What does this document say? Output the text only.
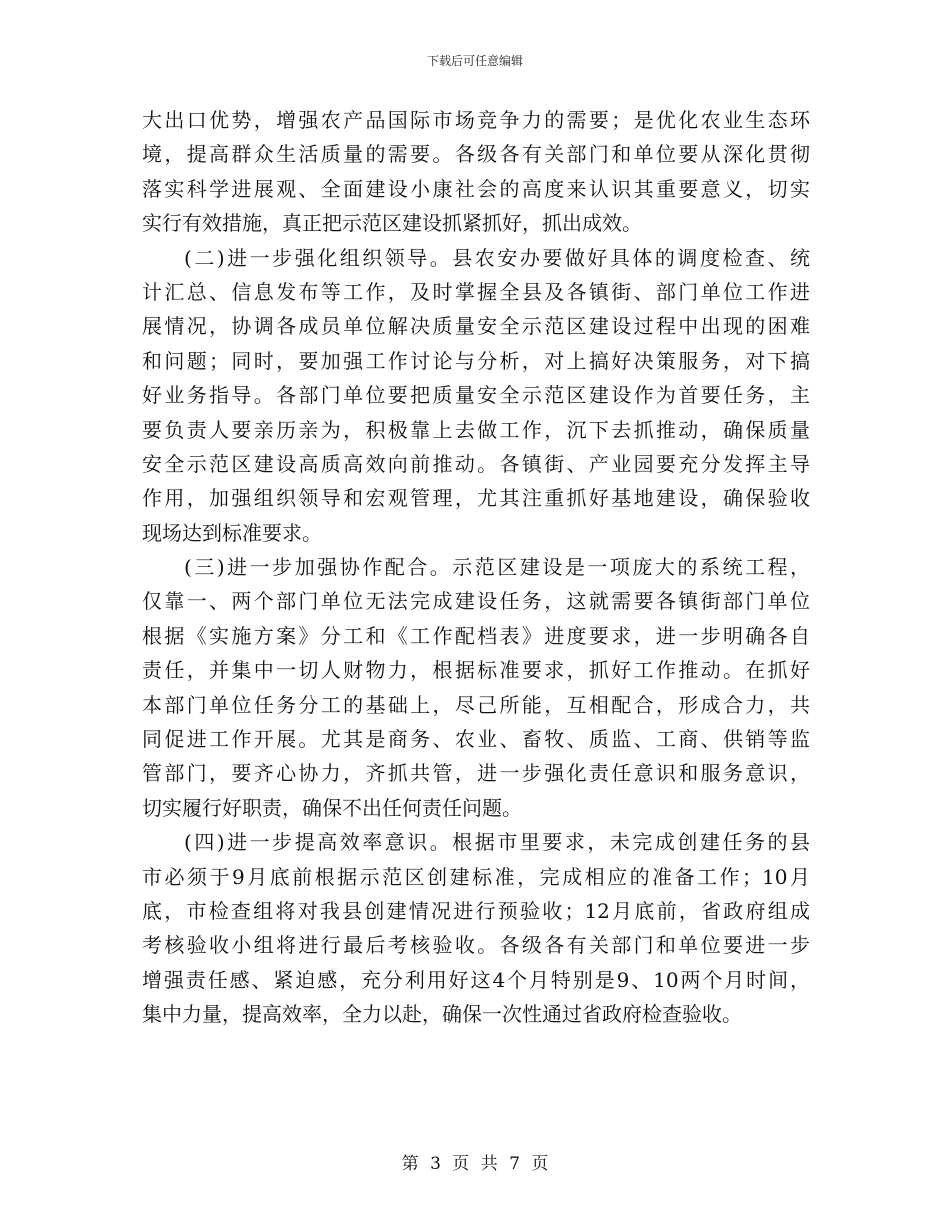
下载后可任意编辑
大出口优势，增强农产品国际市场竞争力的需要；是优化农业生态环
境，提高群众生活质量的需要。各级各有关部门和单位要从深化贯彻
落实科学进展观、全面建设小康社会的高度来认识其重要意义，切实
实行有效措施，真正把示范区建设抓紧抓好，抓出成效。
(二)进一步强化组织领导。县农安办要做好具体的调度检查、统
计汇总、信息发布等工作，及时掌握全县及各镇街、部门单位工作进
展情况，协调各成员单位解决质量安全示范区建设过程中出现的困难
和问题；同时，要加强工作讨论与分析，对上搞好决策服务，对下搞
好业务指导。各部门单位要把质量安全示范区建设作为首要任务，主
要负责人要亲历亲为，积极靠上去做工作，沉下去抓推动，确保质量
安全示范区建设高质高效向前推动。各镇街、产业园要充分发挥主导
作用，加强组织领导和宏观管理，尤其注重抓好基地建设，确保验收
现场达到标准要求。
(三)进一步加强协作配合。示范区建设是一项庞大的系统工程，
仅靠一、两个部门单位无法完成建设任务，这就需要各镇街部门单位
根据《实施方案》分工和《工作配档表》进度要求，进一步明确各自
责任，并集中一切人财物力，根据标准要求，抓好工作推动。在抓好
本部门单位任务分工的基础上，尽己所能，互相配合，形成合力，共
同促进工作开展。尤其是商务、农业、畜牧、质监、工商、供销等监
管部门，要齐心协力，齐抓共管，进一步强化责任意识和服务意识，
切实履行好职责，确保不出任何责任问题。
(四)进一步提高效率意识。根据市里要求，未完成创建任务的县
市必须于9月底前根据示范区创建标准，完成相应的准备工作；10月
底，市检查组将对我县创建情况进行预验收；12月底前，省政府组成
考核验收小组将进行最后考核验收。各级各有关部门和单位要进一步
增强责任感、紧迫感，充分利用好这4个月特别是9、10两个月时间，
集中力量，提高效率，全力以赴，确保一次性通过省政府检查验收。
第 3 页 共 7 页
